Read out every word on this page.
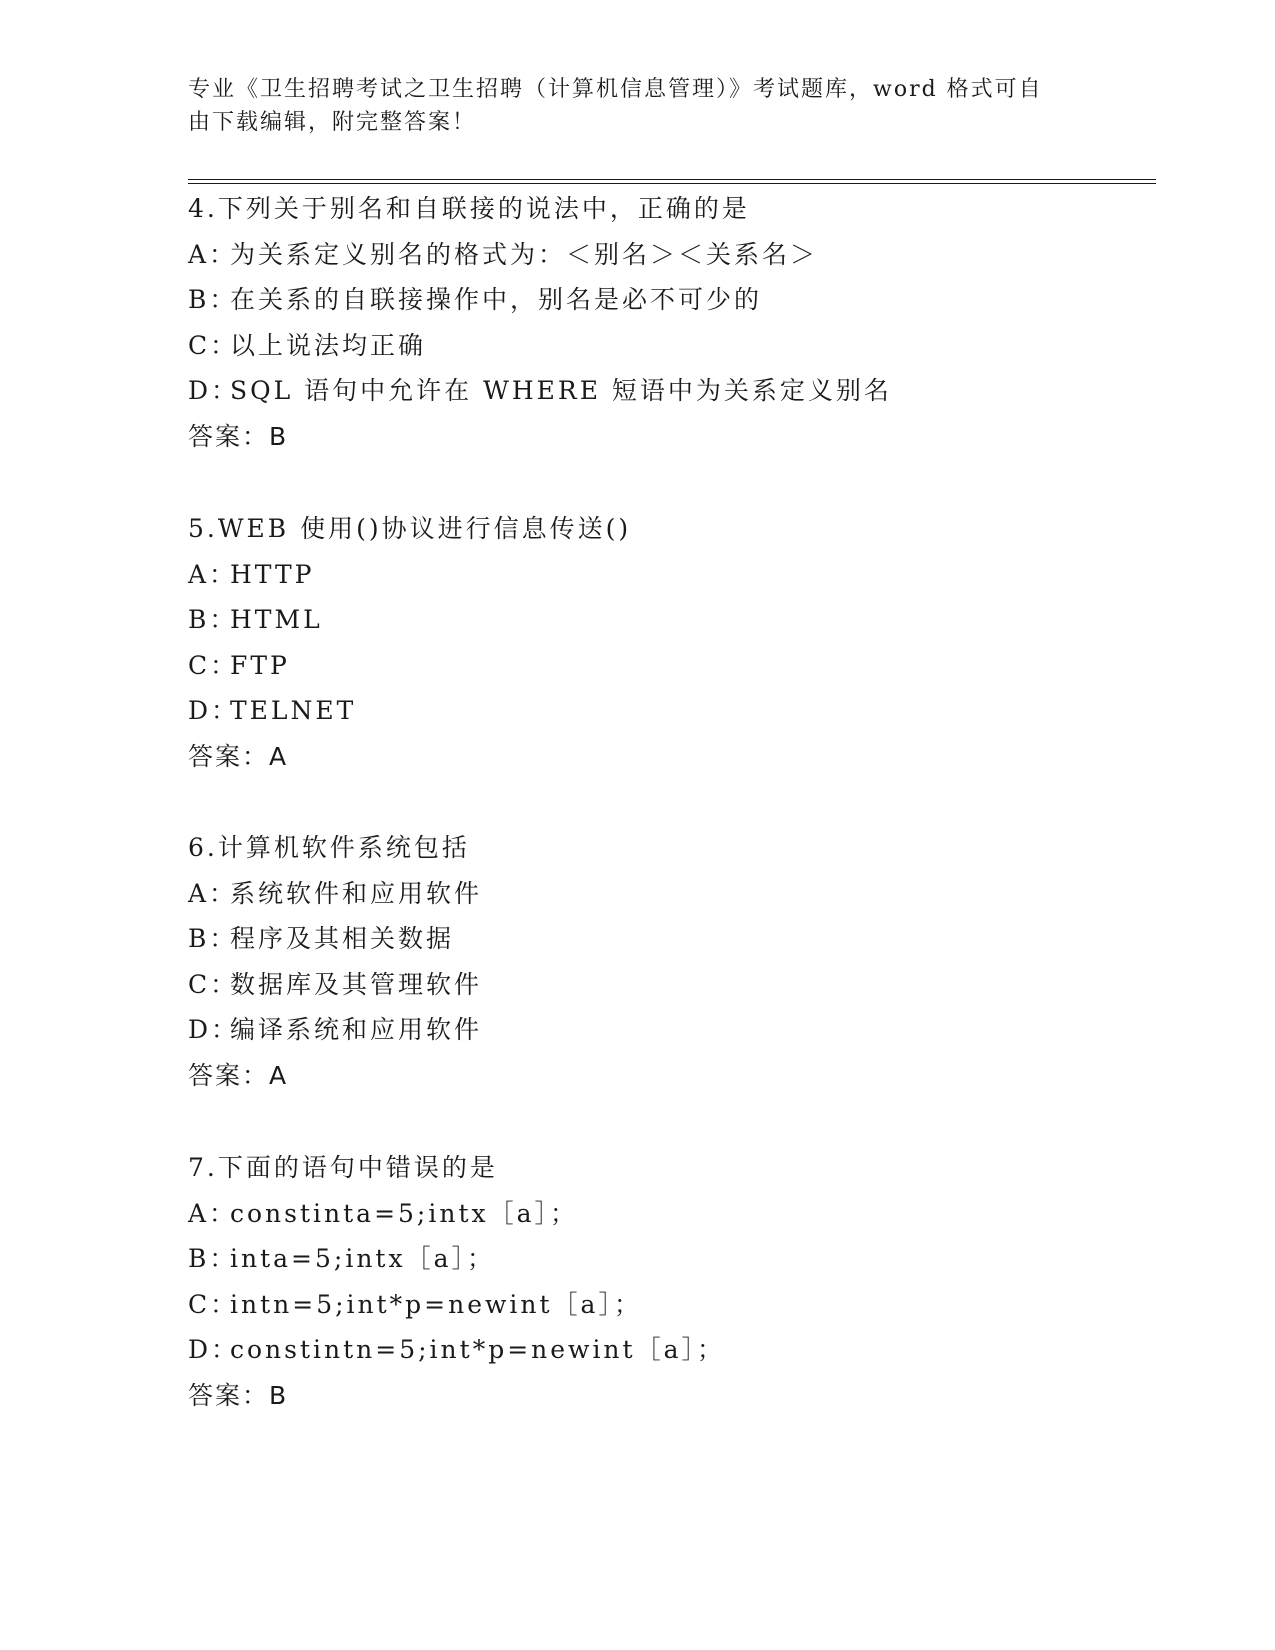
专业《卫生招聘考试之卫生招聘（计算机信息管理）》考试题库，word 格式可自
由下载编辑，附完整答案！
4.下列关于别名和自联接的说法中，正确的是
A：为关系定义别名的格式为：＜别名＞＜关系名＞
B：在关系的自联接操作中，别名是必不可少的
C：以上说法均正确
D：SQL 语句中允许在 WHERE 短语中为关系定义别名
答案：B
5.WEB 使用()协议进行信息传送()
A：HTTP
B：HTML
C：FTP
D：TELNET
答案：A
6.计算机软件系统包括
A：系统软件和应用软件
B：程序及其相关数据
C：数据库及其管理软件
D：编译系统和应用软件
答案：A
7.下面的语句中错误的是
A：constinta=5;intx［a］；
B：inta=5;intx［a］；
C：intn=5;int*p=newint［a］；
D：constintn=5;int*p=newint［a］；
答案：B
